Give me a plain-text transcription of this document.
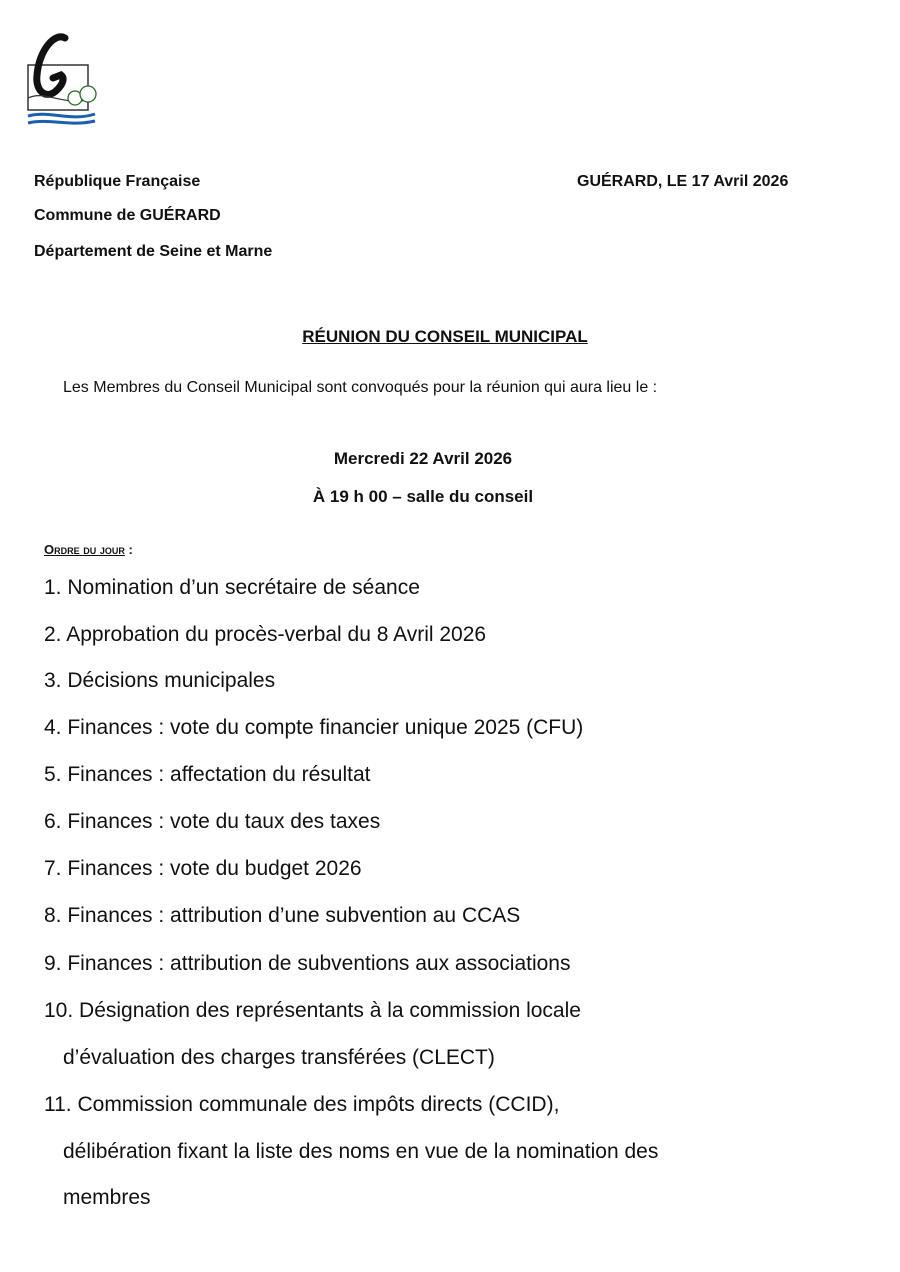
République Française
Commune de GUÉRARD
Département de Seine et Marne
GUÉRARD, LE 17 Avril 2026
RÉUNION DU CONSEIL MUNICIPAL
Les Membres du Conseil Municipal sont convoqués pour la réunion qui aura lieu le :
Mercredi 22 Avril 2026
À 19 h 00 – salle du conseil
Ordre du jour :
1. Nomination d’un secrétaire de séance
2. Approbation du procès-verbal du 8 Avril 2026
3. Décisions municipales
4. Finances : vote du compte financier unique 2025 (CFU)
5. Finances : affectation du résultat
6. Finances : vote du taux des taxes
7. Finances : vote du budget 2026
8. Finances : attribution d’une subvention au CCAS
9. Finances : attribution de subventions aux associations
10. Désignation des représentants à la commission locale
d’évaluation des charges transférées (CLECT)
11. Commission communale des impôts directs (CCID),
délibération fixant la liste des noms en vue de la nomination des
membres
